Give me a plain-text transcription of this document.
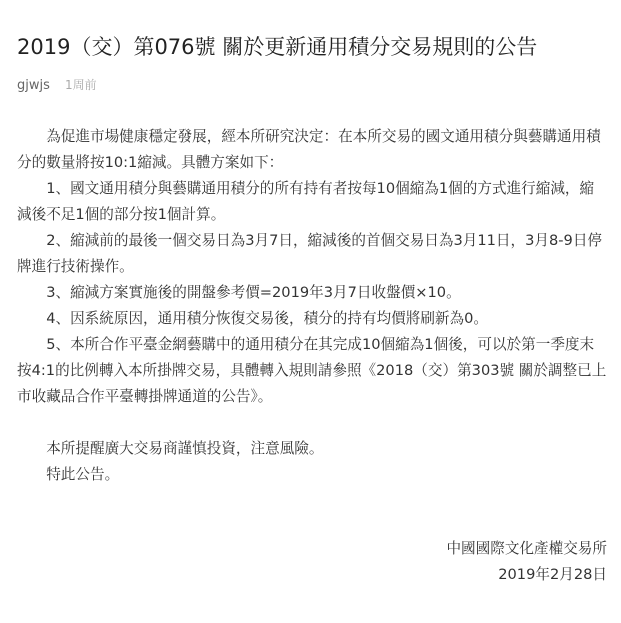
2019（交）第076號 關於更新通用積分交易規則的公告
gjwjs 1周前

為促進市場健康穩定發展，經本所研究決定：在本所交易的國文通用積分與藝購通用積分的數量將按10:1縮減。具體方案如下：

1、國文通用積分與藝購通用積分的所有持有者按每10個縮為1個的方式進行縮減，縮減後不足1個的部分按1個計算。

2、縮減前的最後一個交易日為3月7日，縮減後的首個交易日為3月11日，3月8-9日停牌進行技術操作。

3、縮減方案實施後的開盤參考價=2019年3月7日收盤價×10。

4、因系統原因，通用積分恢復交易後，積分的持有均價將刷新為0。

5、本所合作平臺金網藝購中的通用積分在其完成10個縮為1個後，可以於第一季度末按4:1的比例轉入本所掛牌交易，具體轉入規則請參照《2018（交）第303號 關於調整已上市收藏品合作平臺轉掛牌通道的公告》。

本所提醒廣大交易商謹慎投資，注意風險。

特此公告。

中國國際文化產權交易所
2019年2月28日
